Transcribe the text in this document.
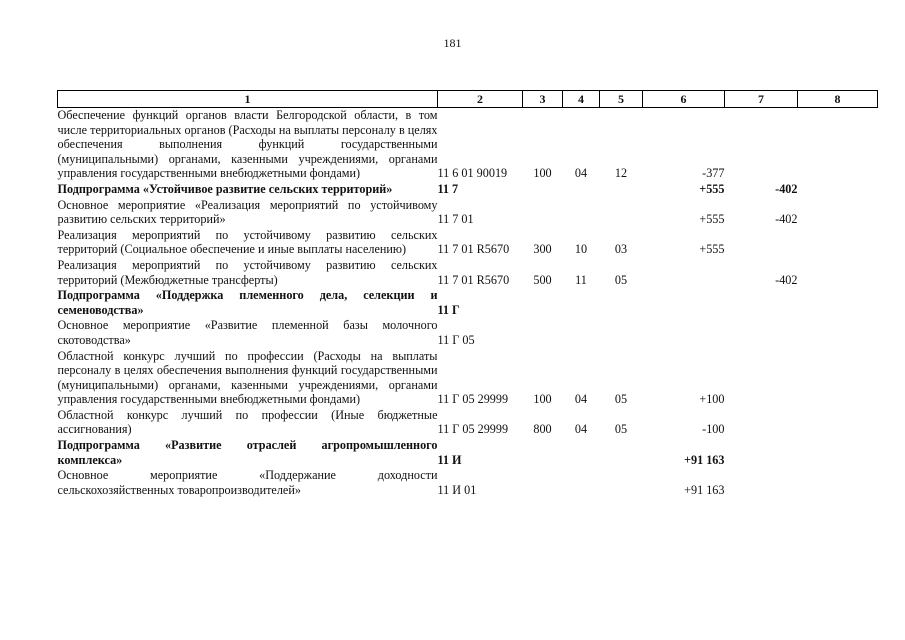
181
1	2	3	4	5	6	7	8
Обеспечение функций органов власти Белгородской области, в том числе территориальных органов (Расходы на выплаты персоналу в целях обеспечения выполнения функций государственными (муниципальными) органами, казенными учреждениями, органами управления государственными внебюджетными фондами)	11 6 01 90019	100	04	12	-377		
Подпрограмма «Устойчивое развитие сельских территорий»	11 7				+555	-402	
Основное мероприятие «Реализация мероприятий по устойчивому развитию сельских территорий»	11 7 01				+555	-402	
Реализация мероприятий по устойчивому развитию сельских территорий (Социальное обеспечение и иные выплаты населению)	11 7 01 R5670	300	10	03	+555		
Реализация мероприятий по устойчивому развитию сельских территорий (Межбюджетные трансферты)	11 7 01 R5670	500	11	05		-402	
Подпрограмма «Поддержка племенного дела, селекции и семеноводства»	11 Г						
Основное мероприятие «Развитие племенной базы молочного скотоводства»	11 Г 05						
Областной конкурс лучший по профессии (Расходы на выплаты персоналу в целях обеспечения выполнения функций государственными (муниципальными) органами, казенными учреждениями, органами управления государственными внебюджетными фондами)	11 Г 05 29999	100	04	05	+100		
Областной конкурс лучший по профессии (Иные бюджетные ассигнования)	11 Г 05 29999	800	04	05	-100		
Подпрограмма «Развитие отраслей агропромышленного комплекса»	11 И				+91 163		
Основное мероприятие «Поддержание доходности сельскохозяйственных товаропроизводителей»	11 И 01				+91 163		
